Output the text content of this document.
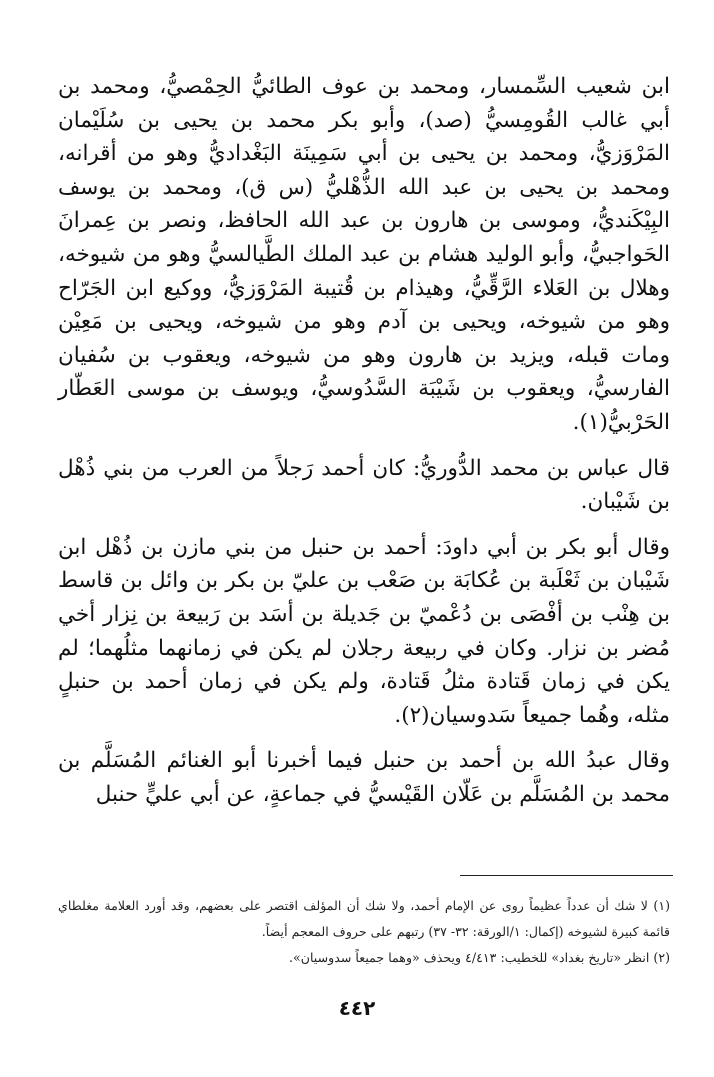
ابن شعيب السِّمسار، ومحمد بن عوف الطائيُّ الحِمْصيُّ، ومحمد بن أبي غالب القُومِسيُّ (صد)، وأبو بكر محمد بن يحيى بن سُلَيْمان المَرْوَزيُّ، ومحمد بن يحيى بن أبي سَمِينَة البَغْداديُّ وهو من أقرانه، ومحمد بن يحيى بن عبد الله الذُّهْليُّ (س ق)، ومحمد بن يوسف البِيْكَنديُّ، وموسى بن هارون بن عبد الله الحافظ، ونصر بن عِمرانَ الحَواجبيُّ، وأبو الوليد هشام بن عبد الملك الطَّيالسيُّ وهو من شيوخه، وهلال بن العَلاء الرَّقِّيُّ، وهيذام بن قُتيبة المَرْوَزيُّ، ووكيع ابن الجَرّاح وهو من شيوخه، ويحيى بن آدم وهو من شيوخه، ويحيى بن مَعِيْن ومات قبله، ويزيد بن هارون وهو من شيوخه، ويعقوب بن سُفيان الفارسيُّ، ويعقوب بن شَيْبَة السَّدُوسيُّ، ويوسف بن موسى العَطّار الحَرْبيُّ(١).

قال عباس بن محمد الدُّوريُّ: كان أحمد رَجلاً من العرب من بني ذُهْل بن شَيْبان.

وقال أبو بكر بن أبي داودَ: أحمد بن حنبل من بني مازن بن ذُهْل ابن شَيْبان بن ثَعْلَبة بن عُكابَة بن صَعْب بن عليّ بن بكر بن وائل بن قاسط بن هِنْب بن أفْصَى بن دُعْميّ بن جَديلة بن أسَد بن رَبيعة بن نِزار أخي مُضر بن نزار. وكان في ربيعة رجلان لم يكن في زمانهما مثلُهما؛ لم يكن في زمان قَتادة مثلُ قَتادة، ولم يكن في زمان أحمد بن حنبلٍ مثله، وهُما جميعاً سَدوسيان(٢).

وقال عبدُ الله بن أحمد بن حنبل فيما أخبرنا أبو الغنائم المُسَلَّم بن محمد بن المُسَلَّم بن عَلّان القَيْسيُّ في جماعةٍ، عن أبي عليٍّ حنبل

(١) لا شك أن عدداً عظيماً روى عن الإمام أحمد، ولا شك أن المؤلف اقتصر على بعضهم، وقد أورد العلامة مغلطاي قائمة كبيرة لشيوخه (إكمال: ١/الورقة: ٣٢- ٣٧) رتبهم على حروف المعجم أيضاً.

(٢) انظر «تاريخ بغداد» للخطيب: ٤/٤١٣ ويحذف «وهما جميعاً سدوسيان».

٤٤٢
